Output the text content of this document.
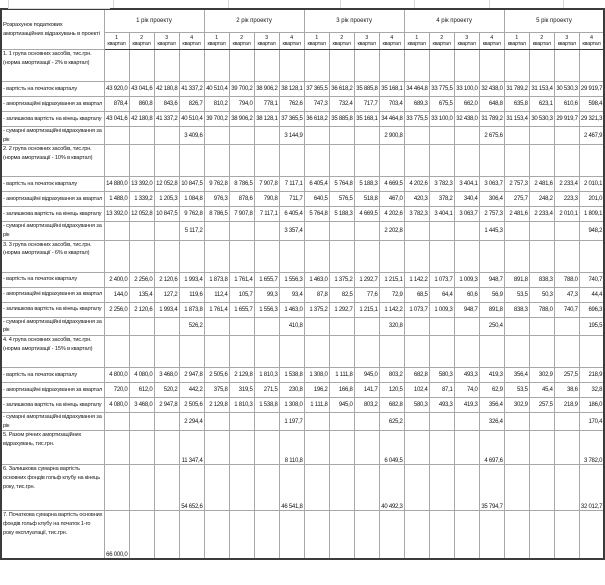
Розрахунок податкових амортизаційних відрахувань в проекті	1 рік проекту				2 рік проекту				3 рік проекту				4 рік проекту				5 рік проекту			
	1 квартал	2 квартал	3 квартал	4 квартал	1 квартал	2 квартал	3 квартал	4 квартал	1 квартал	2 квартал	3 квартал	4 квартал	1 квартал	2 квартал	3 квартал	4 квартал	1 квартал	2 квартал	3 квартал	4 квартал
1. 1 група основних засобів, тис.грн. (норма амортизації - 2% в квартал)																				
- вартість на початок кварталу	43 920,0	43 041,6	42 180,8	41 337,2	40 510,4	39 700,2	38 906,2	38 128,1	37 365,5	36 618,2	35 885,8	35 168,1	34 464,8	33 775,5	33 100,0	32 438,0	31 789,2	31 153,4	30 530,3	29 919,7
- амортизаційні відрахування за квартал	878,4	860,8	843,6	826,7	810,2	794,0	778,1	762,6	747,3	732,4	717,7	703,4	689,3	675,5	662,0	648,8	635,8	623,1	610,6	598,4
- залишкова вартість на кінець кварталу	43 041,6	42 180,8	41 337,2	40 510,4	39 700,2	38 906,2	38 128,1	37 365,5	36 618,2	35 885,8	35 168,1	34 464,8	33 775,5	33 100,0	32 438,0	31 789,2	31 153,4	30 530,3	29 919,7	29 321,3
- сумарні амортизаційні відрахування за рік				3 409,6				3 144,9				2 900,8				2 675,6				2 467,9
2. 2 група основних засобів, тис.грн. (норма амортизації - 10% в квартал)																				
- вартість на початок кварталу	14 880,0	13 392,0	12 052,8	10 847,5	9 762,8	8 786,5	7 907,8	7 117,1	6 405,4	5 764,8	5 188,3	4 669,5	4 202,6	3 782,3	3 404,1	3 063,7	2 757,3	2 481,6	2 233,4	2 010,1
- амортизаційні відрахування за квартал	1 488,0	1 339,2	1 205,3	1 084,8	976,3	878,6	790,8	711,7	640,5	576,5	518,8	467,0	420,3	378,2	340,4	306,4	275,7	248,2	223,3	201,0
- залишкова вартість на кінець кварталу	13 392,0	12 052,8	10 847,5	9 762,8	8 786,5	7 907,8	7 117,1	6 405,4	5 764,8	5 188,3	4 669,5	4 202,6	3 782,3	3 404,1	3 063,7	2 757,3	2 481,6	2 233,4	2 010,1	1 809,1
- сумарні амортизаційні відрахування за рік				5 117,2				3 357,4				2 202,8				1 445,3				948,2
3. 3 група основних засобів, тис.грн. (норма амортизації - 6% в квартал)																				
- вартість на початок кварталу	2 400,0	2 256,0	2 120,6	1 993,4	1 873,8	1 761,4	1 655,7	1 556,3	1 463,0	1 375,2	1 292,7	1 215,1	1 142,2	1 073,7	1 009,3	948,7	891,8	838,3	788,0	740,7
- амортизаційні відрахування за квартал	144,0	135,4	127,2	119,6	112,4	105,7	99,3	93,4	87,8	82,5	77,6	72,9	68,5	64,4	60,6	56,9	53,5	50,3	47,3	44,4
- залишкова вартість на кінець кварталу	2 256,0	2 120,6	1 993,4	1 873,8	1 761,4	1 655,7	1 556,3	1 463,0	1 375,2	1 292,7	1 215,1	1 142,2	1 073,7	1 009,3	948,7	891,8	838,3	788,0	740,7	696,3
- сумарні амортизаційні відрахування за рік				526,2				410,8				320,8				250,4				195,5
4. 4 група основних засобів, тис.грн.(норма амортизації - 15% в квартал)																				
- вартість на початок кварталу	4 800,0	4 080,0	3 468,0	2 947,8	2 505,6	2 129,8	1 810,3	1 538,8	1 308,0	1 111,8	945,0	803,2	682,8	580,3	493,3	419,3	356,4	302,9	257,5	218,9
- амортизаційні відрахування за квартал	720,0	612,0	520,2	442,2	375,8	319,5	271,5	230,8	196,2	166,8	141,7	120,5	102,4	87,1	74,0	62,9	53,5	45,4	38,6	32,8
- залишкова вартість на кінець кварталу	4 080,0	3 468,0	2 947,8	2 505,6	2 129,8	1 810,3	1 538,8	1 308,0	1 111,8	945,0	803,2	682,8	580,3	493,3	419,3	356,4	302,9	257,5	218,9	186,0
- сумарні амортизаційні відрахування за рік				2 294,4				1 197,7				625,2				326,4				170,4
5. Разом річних амортизаційних відрахувань, тис.грн.				11 347,4				8 110,8				6 049,5				4 697,6				3 782,0
6. Залишкова сумарна вартість основних фондів гольф клубу на кінець року, тис.грн.				54 652,6				46 541,8				40 492,3				35 794,7				32 012,7
7. Початкова сумарна вартість основних фондів гольф клубу на початок 1-го року експлуатації, тис.грн.	66 000,0																			
